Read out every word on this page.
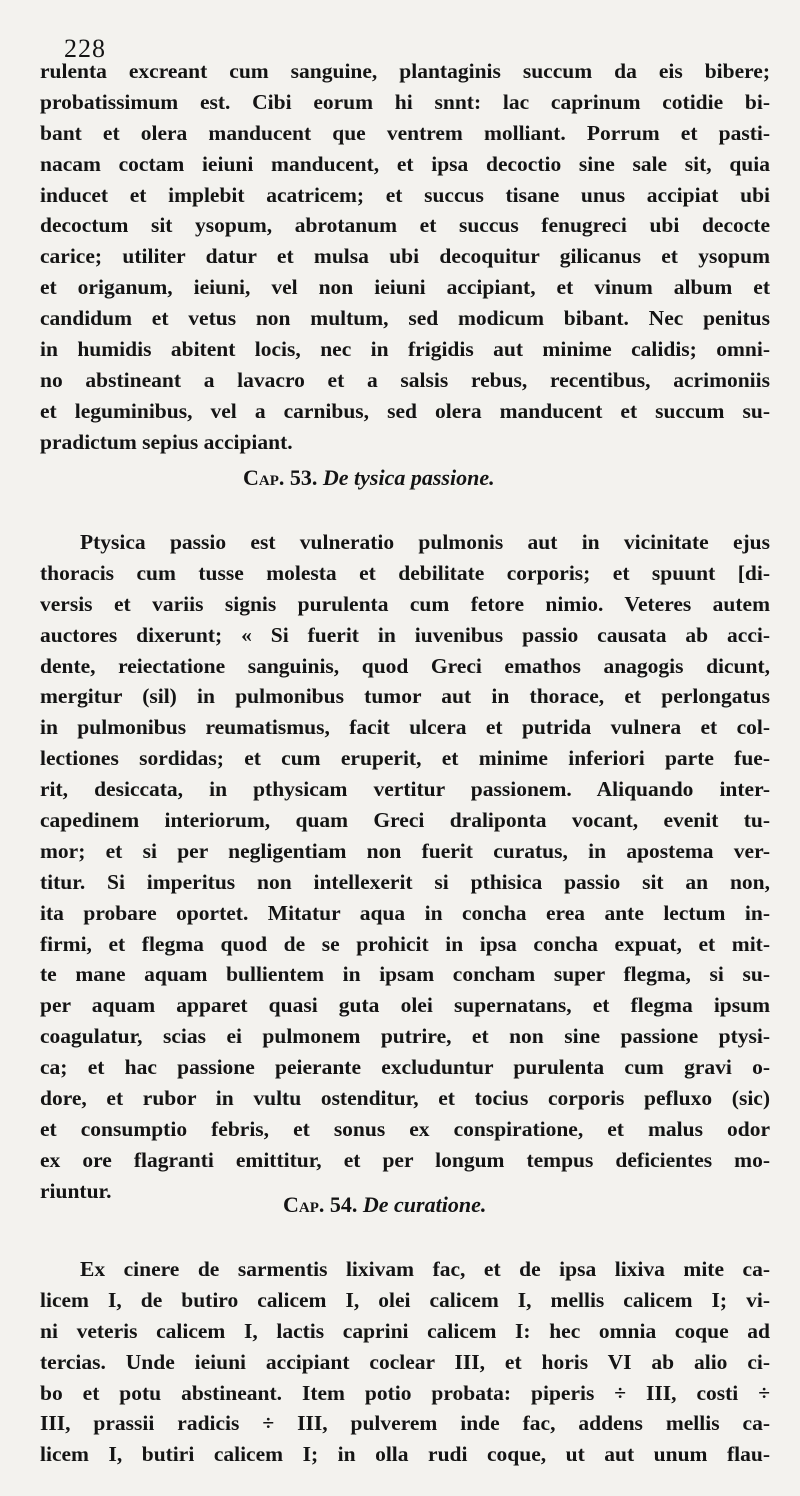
228
rulenta excreant cum sanguine, plantaginis succum da eis bibere;
probatissimum est. Cibi eorum hi snnt: lac caprinum cotidie bi-
bant et olera manducent que ventrem molliant. Porrum et pasti-
nacam coctam ieiuni manducent, et ipsa decoctio sine sale sit, quia
inducet et implebit acatricem; et succus tisane unus accipiat ubi
decoctum sit ysopum, abrotanum et succus fenugreci ubi decocte
carice; utiliter datur et mulsa ubi decoquitur gilicanus et ysopum
et origanum, ieiuni, vel non ieiuni accipiant, et vinum album et
candidum et vetus non multum, sed modicum bibant. Nec penitus
in humidis abitent locis, nec in frigidis aut minime calidis; omni-
no abstineant a lavacro et a salsis rebus, recentibus, acrimoniis
et leguminibus, vel a carnibus, sed olera manducent et succum su-
pradictum sepius accipiant.
Cap. 53. De tysica passione.
Ptysica passio est vulneratio pulmonis aut in vicinitate ejus
thoracis cum tusse molesta et debilitate corporis; et spuunt [di-
versis et variis signis purulenta cum fetore nimio. Veteres autem
auctores dixerunt; « Si fuerit in iuvenibus passio causata ab acci-
dente, reiectatione sanguinis, quod Greci emathos anagogis dicunt,
mergitur (sil) in pulmonibus tumor aut in thorace, et perlongatus
in pulmonibus reumatismus, facit ulcera et putrida vulnera et col-
lectiones sordidas; et cum eruperit, et minime inferiori parte fue-
rit, desiccata, in pthysicam vertitur passionem. Aliquando inter-
capedinem interiorum, quam Greci draliponta vocant, evenit tu-
mor; et si per negligentiam non fuerit curatus, in apostema ver-
titur. Si imperitus non intellexerit si pthisica passio sit an non,
ita probare oportet. Mitatur aqua in concha erea ante lectum in-
firmi, et flegma quod de se prohicit in ipsa concha expuat, et mit-
te mane aquam bullientem in ipsam concham super flegma, si su-
per aquam apparet quasi guta olei supernatans, et flegma ipsum
coagulatur, scias ei pulmonem putrire, et non sine passione ptysi-
ca; et hac passione peierante excluduntur purulenta cum gravi o-
dore, et rubor in vultu ostenditur, et tocius corporis pefluxo (sic)
et consumptio febris, et sonus ex conspiratione, et malus odor
ex ore flagranti emittitur, et per longum tempus deficientes mo-
riuntur.
Cap. 54. De curatione.
Ex cinere de sarmentis lixivam fac, et de ipsa lixiva mite ca-
licem I, de butiro calicem I, olei calicem I, mellis calicem I; vi-
ni veteris calicem I, lactis caprini calicem I: hec omnia coque ad
tercias. Unde ieiuni accipiant coclear III, et horis VI ab alio ci-
bo et potu abstineant. Item potio probata: piperis ÷ III, costi ÷
III, prassii radicis ÷ III, pulverem inde fac, addens mellis ca-
licem I, butiri calicem I; in olla rudi coque, ut aut unum flau-
